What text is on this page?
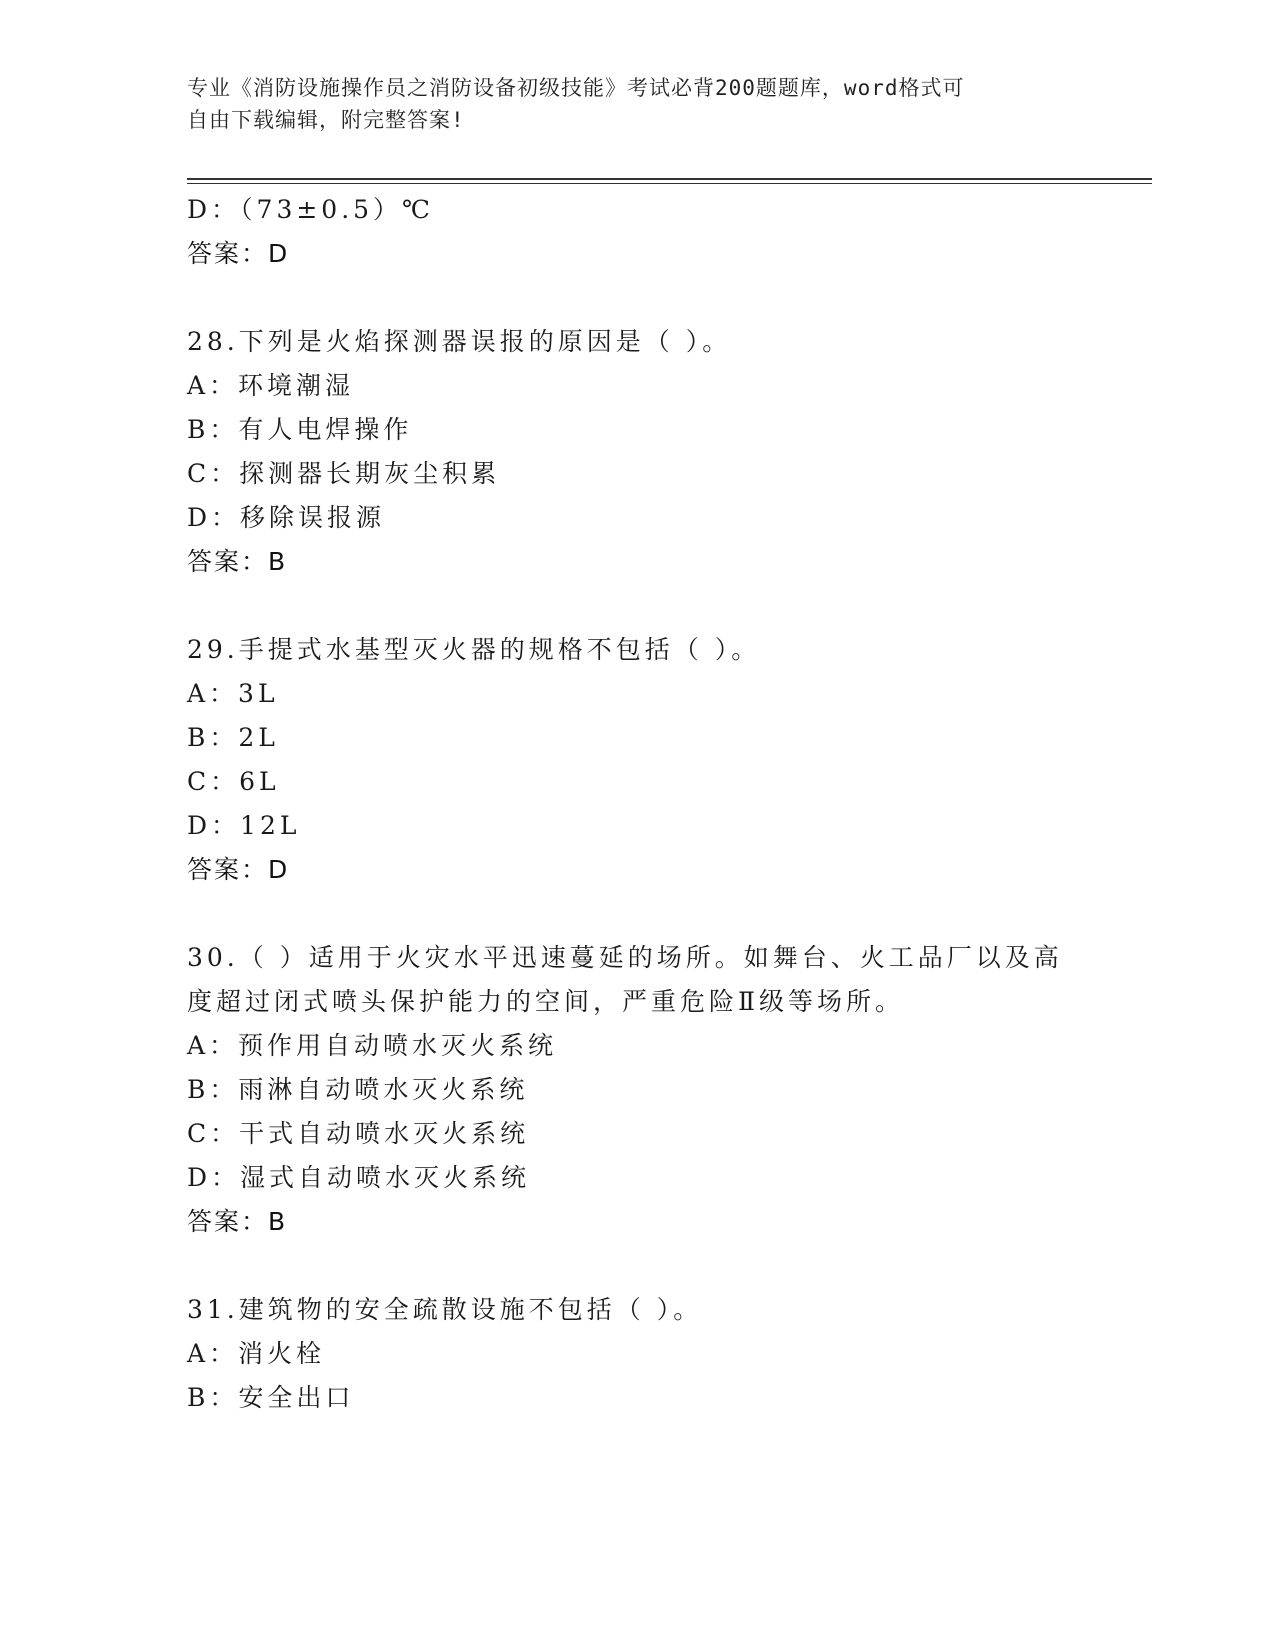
专业《消防设施操作员之消防设备初级技能》考试必背200题题库，word格式可
自由下载编辑，附完整答案!
D：（73±0.5）℃
答案：D
28.下列是火焰探测器误报的原因是（ ）。
A：环境潮湿
B：有人电焊操作
C：探测器长期灰尘积累
D：移除误报源
答案：B
29.手提式水基型灭火器的规格不包括（ ）。
A：3L
B：2L
C：6L
D：12L
答案：D
30.（ ）适用于火灾水平迅速蔓延的场所。如舞台、火工品厂以及高
度超过闭式喷头保护能力的空间，严重危险Ⅱ级等场所。
A：预作用自动喷水灭火系统
B：雨淋自动喷水灭火系统
C：干式自动喷水灭火系统
D：湿式自动喷水灭火系统
答案：B
31.建筑物的安全疏散设施不包括（ ）。
A：消火栓
B：安全出口
